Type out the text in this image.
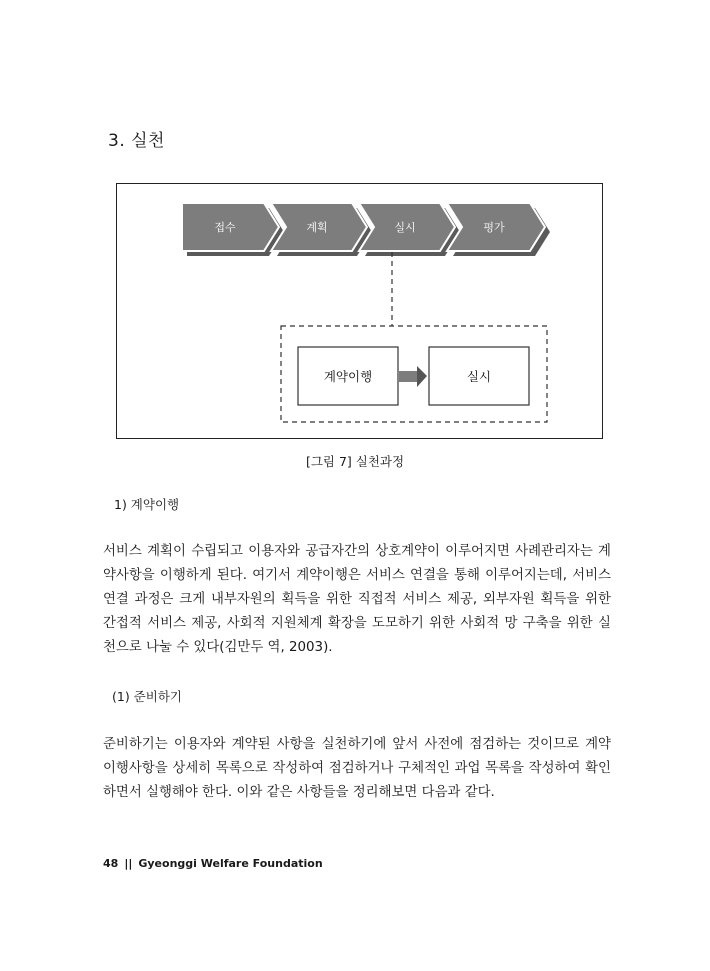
3. 실천
접수	계획	실시	평가
계약이행	실시
[그림 7] 실천과정
1) 계약이행
서비스 계획이 수립되고 이용자와 공급자간의 상호계약이 이루어지면 사례관리자는 계약사항을 이행하게 된다. 여기서 계약이행은 서비스 연결을 통해 이루어지는데, 서비스 연결 과정은 크게 내부자원의 획득을 위한 직접적 서비스 제공, 외부자원 획득을 위한 간접적 서비스 제공, 사회적 지원체계 확장을 도모하기 위한 사회적 망 구축을 위한 실천으로 나눌 수 있다(김만두 역, 2003).
(1) 준비하기
준비하기는 이용자와 계약된 사항을 실천하기에 앞서 사전에 점검하는 것이므로 계약 이행사항을 상세히 목록으로 작성하여 점검하거나 구체적인 과업 목록을 작성하여 확인하면서 실행해야 한다. 이와 같은 사항들을 정리해보면 다음과 같다.
48 || Gyeonggi Welfare Foundation
